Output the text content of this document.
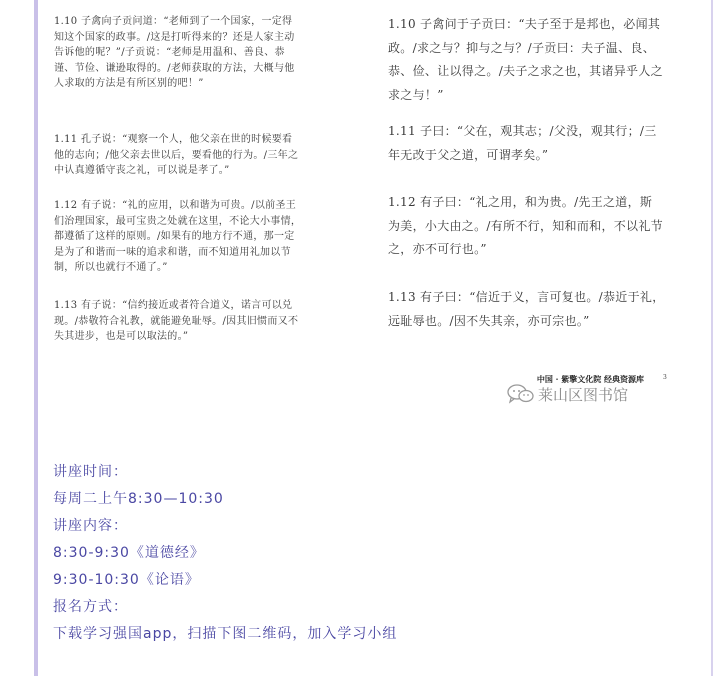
1.10 子禽向子贡问道：“老师到了一个国家，一定得
知这个国家的政事。/这是打听得来的？还是人家主动
告诉他的呢？”/子贡说：“老师是用温和、善良、恭
谨、节俭、谦逊取得的。/老师获取的方法，大概与他
人求取的方法是有所区别的吧！”
1.11 孔子说：“观察一个人，他父亲在世的时候要看
他的志向；/他父亲去世以后，要看他的行为。/三年之
中认真遵循守丧之礼，可以说是孝了。”
1.12 有子说：“礼的应用，以和谐为可贵。/以前圣王
们治理国家，最可宝贵之处就在这里，不论大小事情，
都遵循了这样的原则。/如果有的地方行不通，那一定
是为了和谐而一味的追求和谐，而不知道用礼加以节
制，所以也就行不通了。”
1.13 有子说：“信约接近或者符合道义，诺言可以兑
现。/恭敬符合礼教，就能避免耻辱。/因其旧惯而又不
失其进步，也是可以取法的。”
1.10 子禽问于子贡曰：“夫子至于是邦也，必闻其
政。/求之与？抑与之与？/子贡曰：夫子温、良、
恭、俭、让以得之。/夫子之求之也，其诸异乎人之
求之与！”
1.11 子曰：“父在，观其志；/父没，观其行；/三
年无改于父之道，可谓孝矣。”
1.12 有子曰：“礼之用，和为贵。/先王之道，斯
为美，小大由之。/有所不行，知和而和，不以礼节
之，亦不可行也。”
1.13 有子曰：“信近于义，言可复也。/恭近于礼，
远耻辱也。/因不失其亲，亦可宗也。”
中国 · 紫擎文化院 经典资源库	3
莱山区图书馆
讲座时间：
每周二上午8:30—10:30
讲座内容：
8:30-9:30《道德经》
9:30-10:30《论语》
报名方式：
下载学习强国app，扫描下图二维码，加入学习小组
